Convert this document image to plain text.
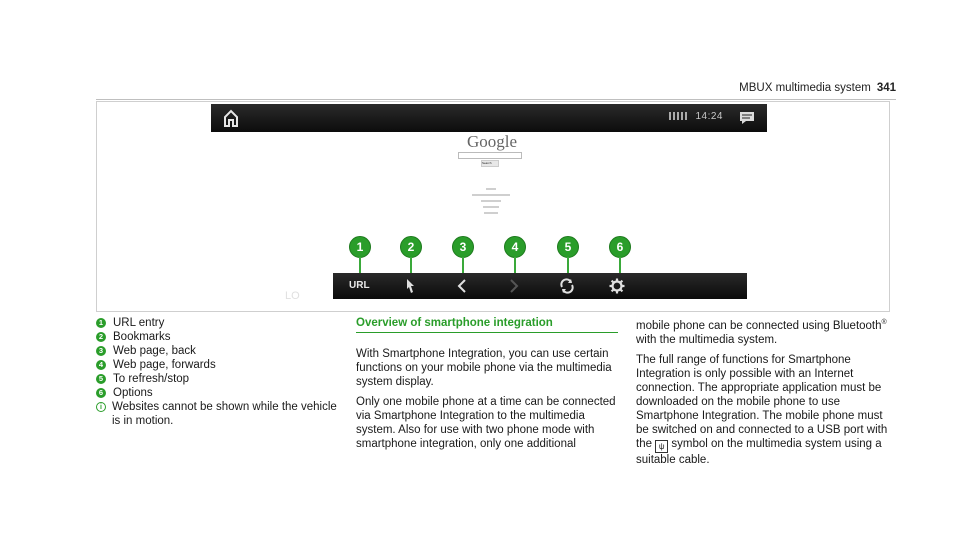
MBUX multimedia system 341
14:24
Google
Search
1	2	3	4	5	6
URL
LO
1 URL entry
2 Bookmarks
3 Web page, back
4 Web page, forwards
5 To refresh/stop
6 Options
i Websites cannot be shown while the vehicle is in motion.
Overview of smartphone integration

With Smartphone Integration, you can use certain functions on your mobile phone via the multimedia system display.

Only one mobile phone at a time can be connected via Smartphone Integration to the multimedia system. Also for use with two phone mode with smartphone integration, only one additional

mobile phone can be connected using Bluetooth® with the multimedia system.

The full range of functions for Smartphone Integration is only possible with an Internet connection. The appropriate application must be downloaded on the mobile phone to use Smartphone Integration. The mobile phone must be switched on and connected to a USB port with the ψ symbol on the multimedia system using a suitable cable.
